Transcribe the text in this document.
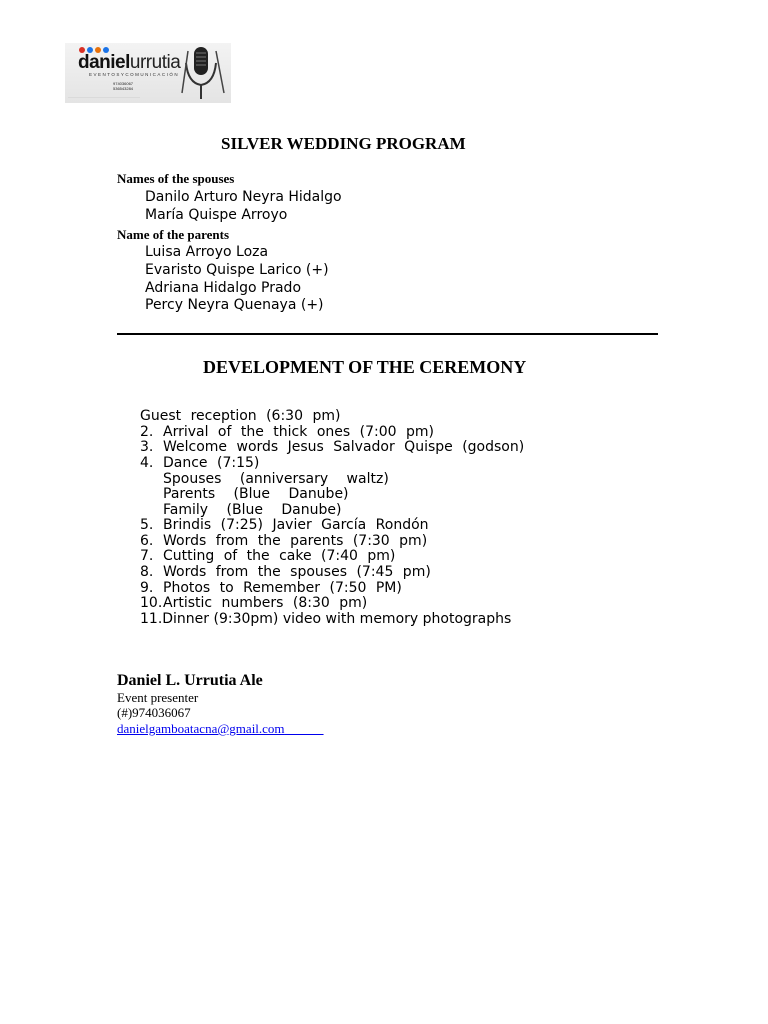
danielurrutia
EVENTOSYCOMUNICACIÓN
974036067
536543284
········································································
SILVER WEDDING PROGRAM
Names of the spouses
Danilo Arturo Neyra Hidalgo
María Quispe Arroyo
Name of the parents
Luisa Arroyo Loza
Evaristo Quispe Larico (+)
Adriana Hidalgo Prado
Percy Neyra Quenaya (+)
DEVELOPMENT OF THE CEREMONY
Guest reception (6:30 pm)
2. Arrival of the thick ones (7:00 pm)
3. Welcome words Jesus Salvador Quispe (godson)
4. Dance (7:15)
Spouses (anniversary waltz)
Parents (Blue Danube)
Family (Blue Danube)
5. Brindis (7:25) Javier García Rondón
6. Words from the parents (7:30 pm)
7. Cutting of the cake (7:40 pm)
8. Words from the spouses (7:45 pm)
9. Photos to Remember (7:50 PM)
10.Artistic numbers (8:30 pm)
11.Dinner (9:30pm) video with memory photographs
Daniel L. Urrutia Ale
Event presenter
(#)974036067
danielgamboatacna@gmail.com
